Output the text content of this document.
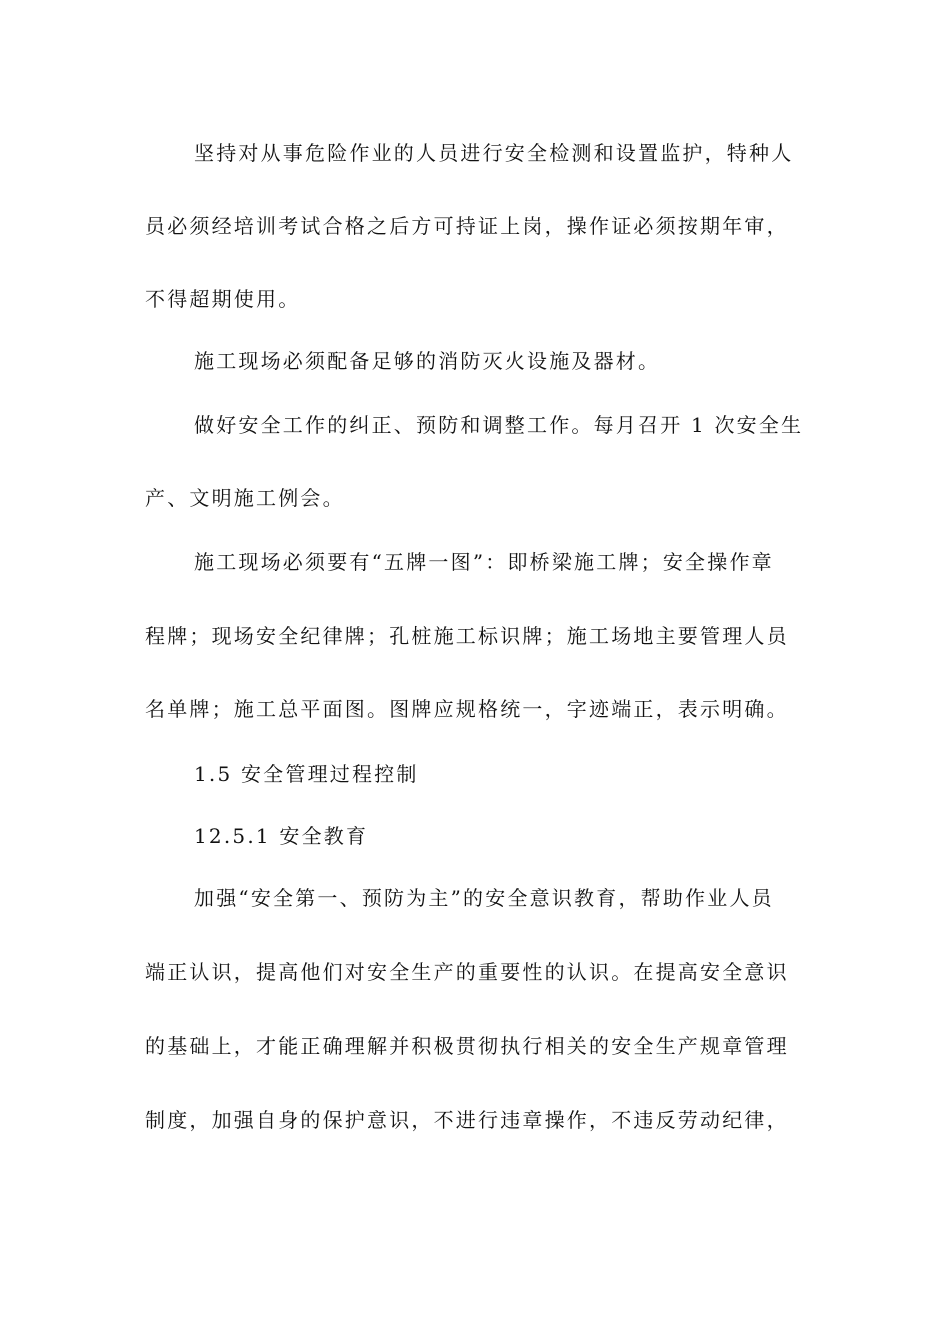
坚持对从事危险作业的人员进行安全检测和设置监护，特种人
员必须经培训考试合格之后方可持证上岗，操作证必须按期年审，
不得超期使用。
施工现场必须配备足够的消防灭火设施及器材。
做好安全工作的纠正、预防和调整工作。每月召开 1 次安全生
产、文明施工例会。
施工现场必须要有“五牌一图”：即桥梁施工牌；安全操作章
程牌；现场安全纪律牌；孔桩施工标识牌；施工场地主要管理人员
名单牌；施工总平面图。图牌应规格统一，字迹端正，表示明确。
1.5 安全管理过程控制
12.5.1 安全教育
加强“安全第一、预防为主”的安全意识教育，帮助作业人员
端正认识，提高他们对安全生产的重要性的认识。在提高安全意识
的基础上，才能正确理解并积极贯彻执行相关的安全生产规章管理
制度，加强自身的保护意识，不进行违章操作，不违反劳动纪律，
